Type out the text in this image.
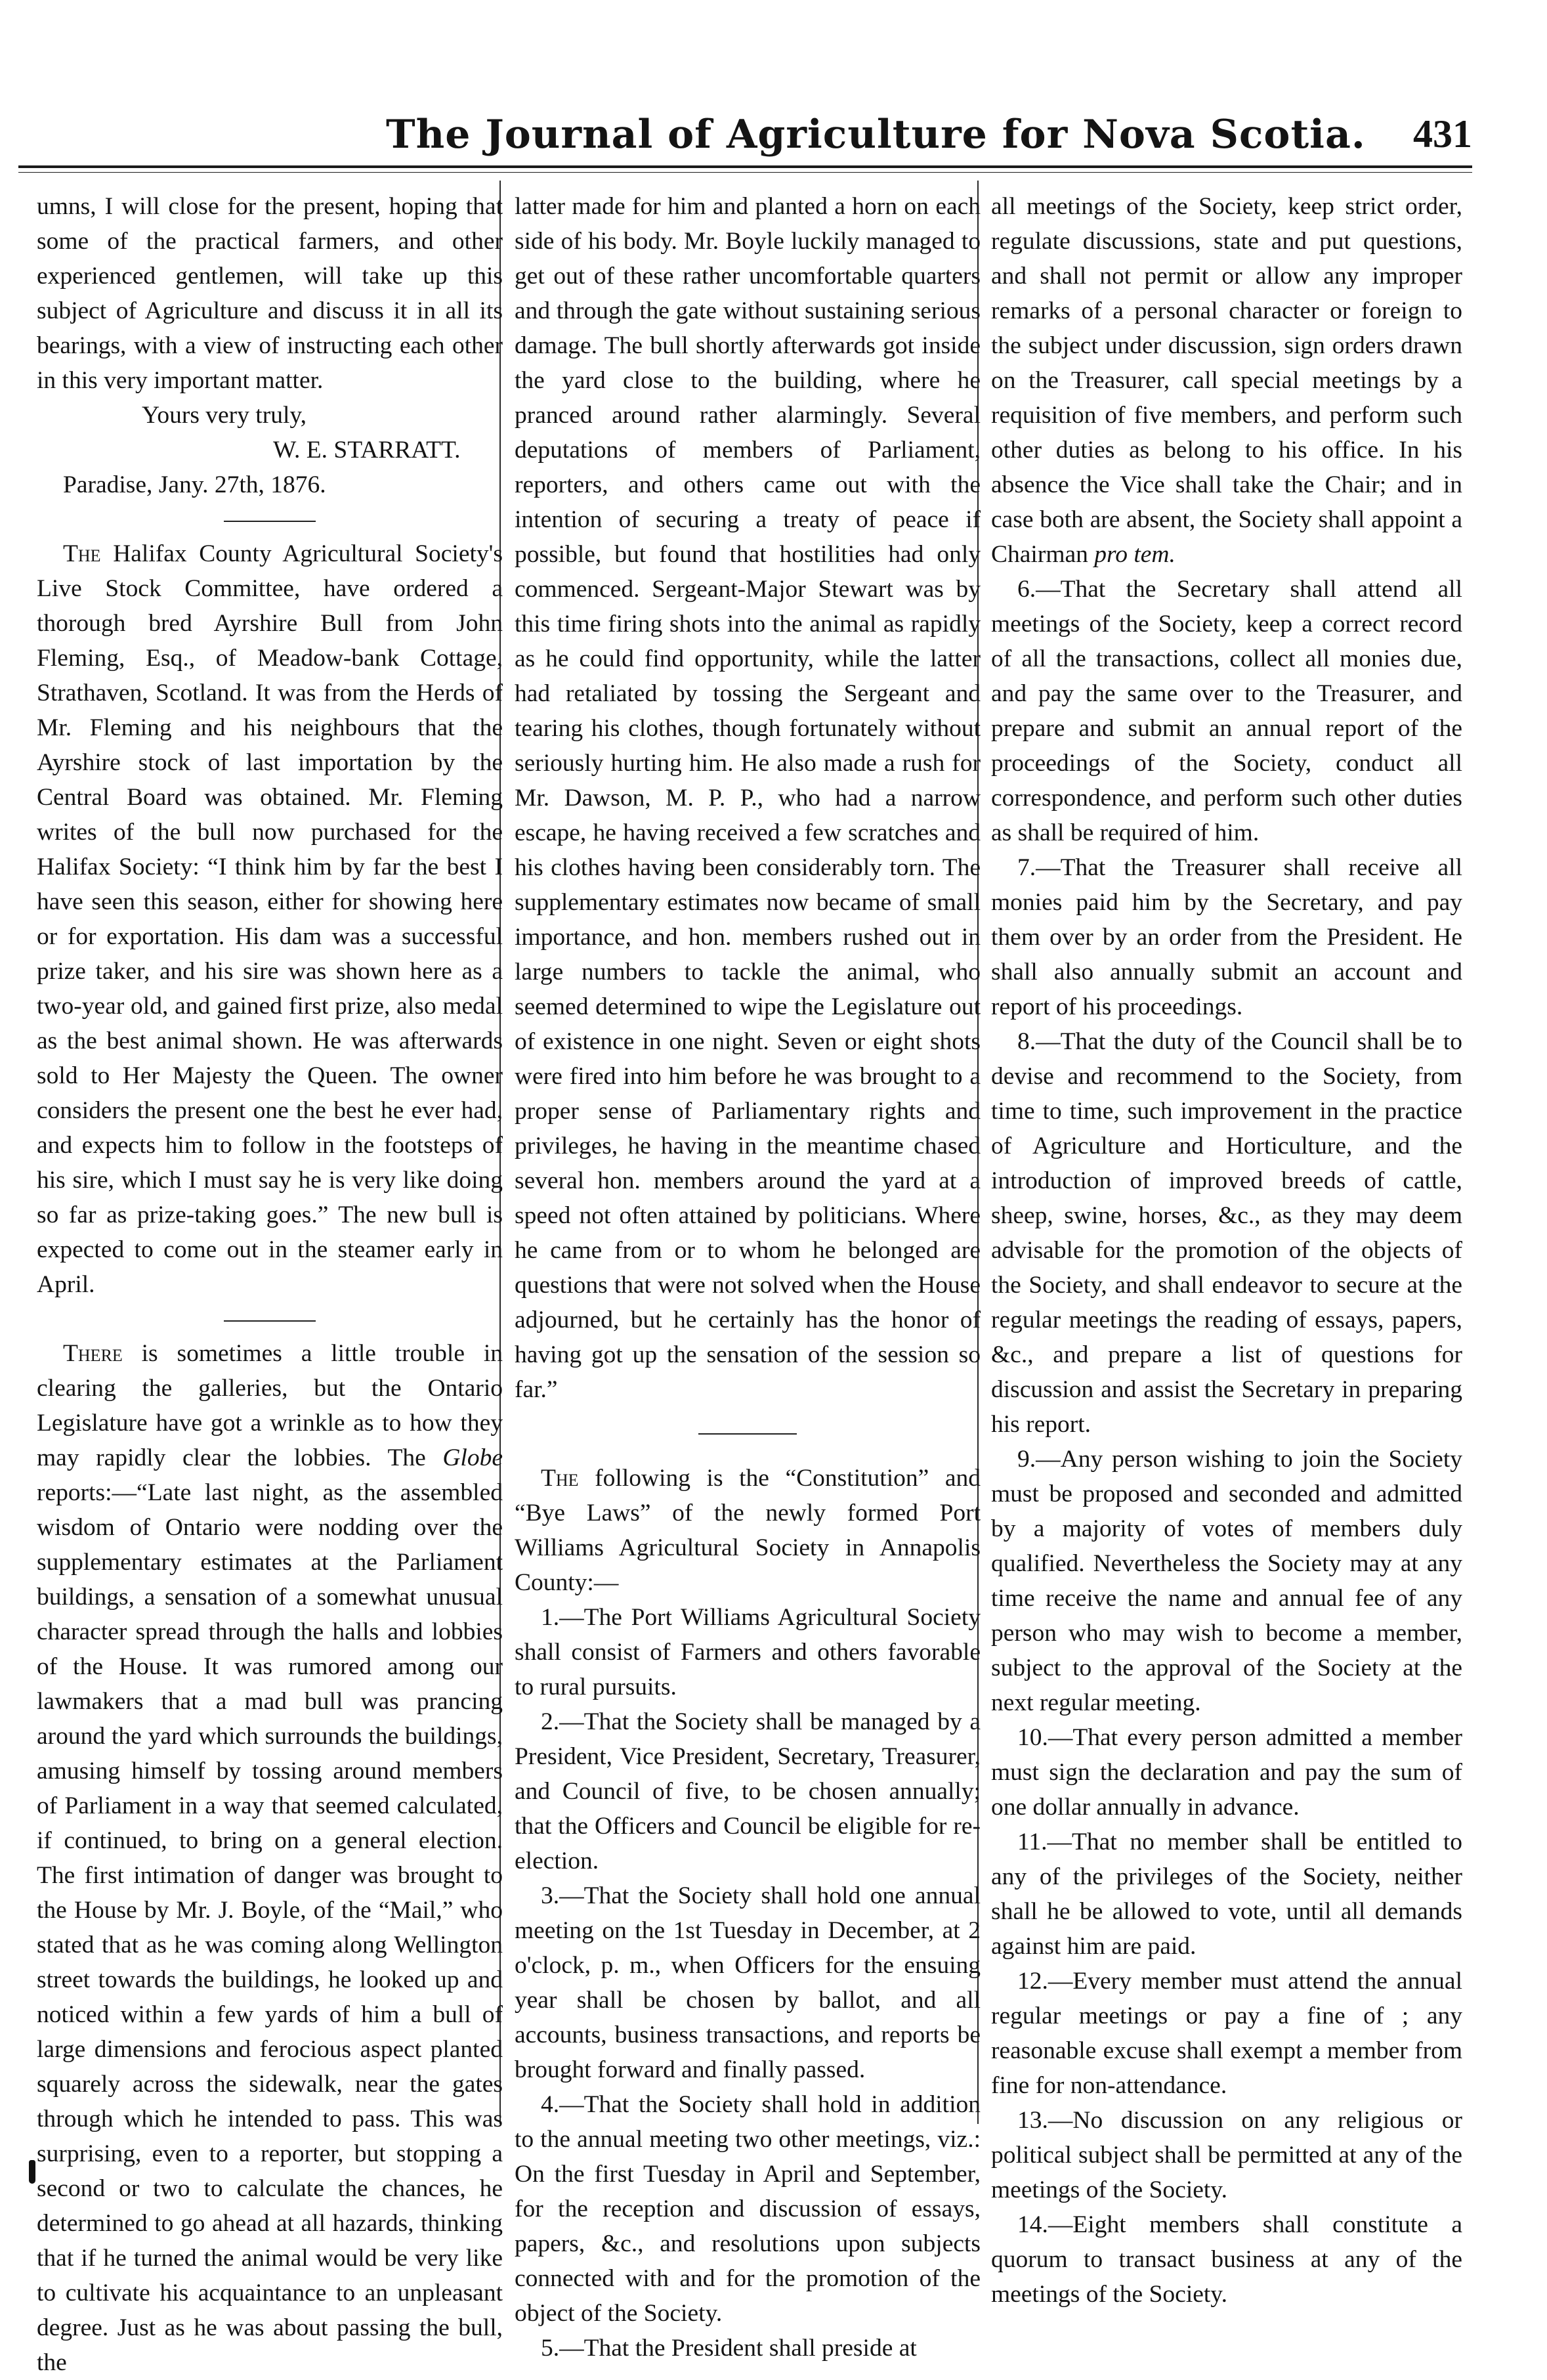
The Journal of Agriculture for Nova Scotia. 431

umns, I will close for the present, hoping that some of the practical farmers, and other experienced gentlemen, will take up this subject of Agriculture and discuss it in all its bearings, with a view of instructing each other in this very important matter.

Yours very truly,
W. E. STARRATT.
Paradise, Jany. 27th, 1876.

The Halifax County Agricultural Society's Live Stock Committee, have ordered a thorough bred Ayrshire Bull from John Fleming, Esq., of Meadow-bank Cottage, Strathaven, Scotland. It was from the Herds of Mr. Fleming and his neighbours that the Ayrshire stock of last importation by the Central Board was obtained. Mr. Fleming writes of the bull now purchased for the Halifax Society: “I think him by far the best I have seen this season, either for showing here or for exportation. His dam was a successful prize taker, and his sire was shown here as a two-year old, and gained first prize, also medal as the best animal shown. He was afterwards sold to Her Majesty the Queen. The owner considers the present one the best he ever had, and expects him to follow in the footsteps of his sire, which I must say he is very like doing so far as prize-taking goes.” The new bull is expected to come out in the steamer early in April.

There is sometimes a little trouble in clearing the galleries, but the Ontario Legislature have got a wrinkle as to how they may rapidly clear the lobbies. The Globe reports:—“Late last night, as the assembled wisdom of Ontario were nodding over the supplementary estimates at the Parliament buildings, a sensation of a somewhat unusual character spread through the halls and lobbies of the House. It was rumored among our lawmakers that a mad bull was prancing around the yard which surrounds the buildings, amusing himself by tossing around members of Parliament in a way that seemed calculated, if continued, to bring on a general election. The first intimation of danger was brought to the House by Mr. J. Boyle, of the “Mail,” who stated that as he was coming along Wellington street towards the buildings, he looked up and noticed within a few yards of him a bull of large dimensions and ferocious aspect planted squarely across the sidewalk, near the gates through which he intended to pass. This was surprising, even to a reporter, but stopping a second or two to calculate the chances, he determined to go ahead at all hazards, thinking that if he turned the animal would be very like to cultivate his acquaintance to an unpleasant degree. Just as he was about passing the bull, the

latter made for him and planted a horn on each side of his body. Mr. Boyle luckily managed to get out of these rather uncomfortable quarters and through the gate without sustaining serious damage. The bull shortly afterwards got inside the yard close to the building, where he pranced around rather alarmingly. Several deputations of members of Parliament, reporters, and others came out with the intention of securing a treaty of peace if possible, but found that hostilities had only commenced. Sergeant-Major Stewart was by this time firing shots into the animal as rapidly as he could find opportunity, while the latter had retaliated by tossing the Sergeant and tearing his clothes, though fortunately without seriously hurting him. He also made a rush for Mr. Dawson, M. P. P., who had a narrow escape, he having received a few scratches and his clothes having been considerably torn. The supplementary estimates now became of small importance, and hon. members rushed out in large numbers to tackle the animal, who seemed determined to wipe the Legislature out of existence in one night. Seven or eight shots were fired into him before he was brought to a proper sense of Parliamentary rights and privileges, he having in the meantime chased several hon. members around the yard at a speed not often attained by politicians. Where he came from or to whom he belonged are questions that were not solved when the House adjourned, but he certainly has the honor of having got up the sensation of the session so far.”

The following is the “Constitution” and “Bye Laws” of the newly formed Port Williams Agricultural Society in Annapolis County:—

1.—The Port Williams Agricultural Society shall consist of Farmers and others favorable to rural pursuits.

2.—That the Society shall be managed by a President, Vice President, Secretary, Treasurer, and Council of five, to be chosen annually; that the Officers and Council be eligible for re-election.

3.—That the Society shall hold one annual meeting on the 1st Tuesday in December, at 2 o'clock, p. m., when Officers for the ensuing year shall be chosen by ballot, and all accounts, business transactions, and reports be brought forward and finally passed.

4.—That the Society shall hold in addition to the annual meeting two other meetings, viz.: On the first Tuesday in April and September, for the reception and discussion of essays, papers, &c., and resolutions upon subjects connected with and for the promotion of the object of the Society.

5.—That the President shall preside at

all meetings of the Society, keep strict order, regulate discussions, state and put questions, and shall not permit or allow any improper remarks of a personal character or foreign to the subject under discussion, sign orders drawn on the Treasurer, call special meetings by a requisition of five members, and perform such other duties as belong to his office. In his absence the Vice shall take the Chair; and in case both are absent, the Society shall appoint a Chairman pro tem.

6.—That the Secretary shall attend all meetings of the Society, keep a correct record of all the transactions, collect all monies due, and pay the same over to the Treasurer, and prepare and submit an annual report of the proceedings of the Society, conduct all correspondence, and perform such other duties as shall be required of him.

7.—That the Treasurer shall receive all monies paid him by the Secretary, and pay them over by an order from the President. He shall also annually submit an account and report of his proceedings.

8.—That the duty of the Council shall be to devise and recommend to the Society, from time to time, such improvement in the practice of Agriculture and Horticulture, and the introduction of improved breeds of cattle, sheep, swine, horses, &c., as they may deem advisable for the promotion of the objects of the Society, and shall endeavor to secure at the regular meetings the reading of essays, papers, &c., and prepare a list of questions for discussion and assist the Secretary in preparing his report.

9.—Any person wishing to join the Society must be proposed and seconded and admitted by a majority of votes of members duly qualified. Nevertheless the Society may at any time receive the name and annual fee of any person who may wish to become a member, subject to the approval of the Society at the next regular meeting.

10.—That every person admitted a member must sign the declaration and pay the sum of one dollar annually in advance.

11.—That no member shall be entitled to any of the privileges of the Society, neither shall he be allowed to vote, until all demands against him are paid.

12.—Every member must attend the annual regular meetings or pay a fine of ; any reasonable excuse shall exempt a member from fine for non-attendance.

13.—No discussion on any religious or political subject shall be permitted at any of the meetings of the Society.

14.—Eight members shall constitute a quorum to transact business at any of the meetings of the Society.
